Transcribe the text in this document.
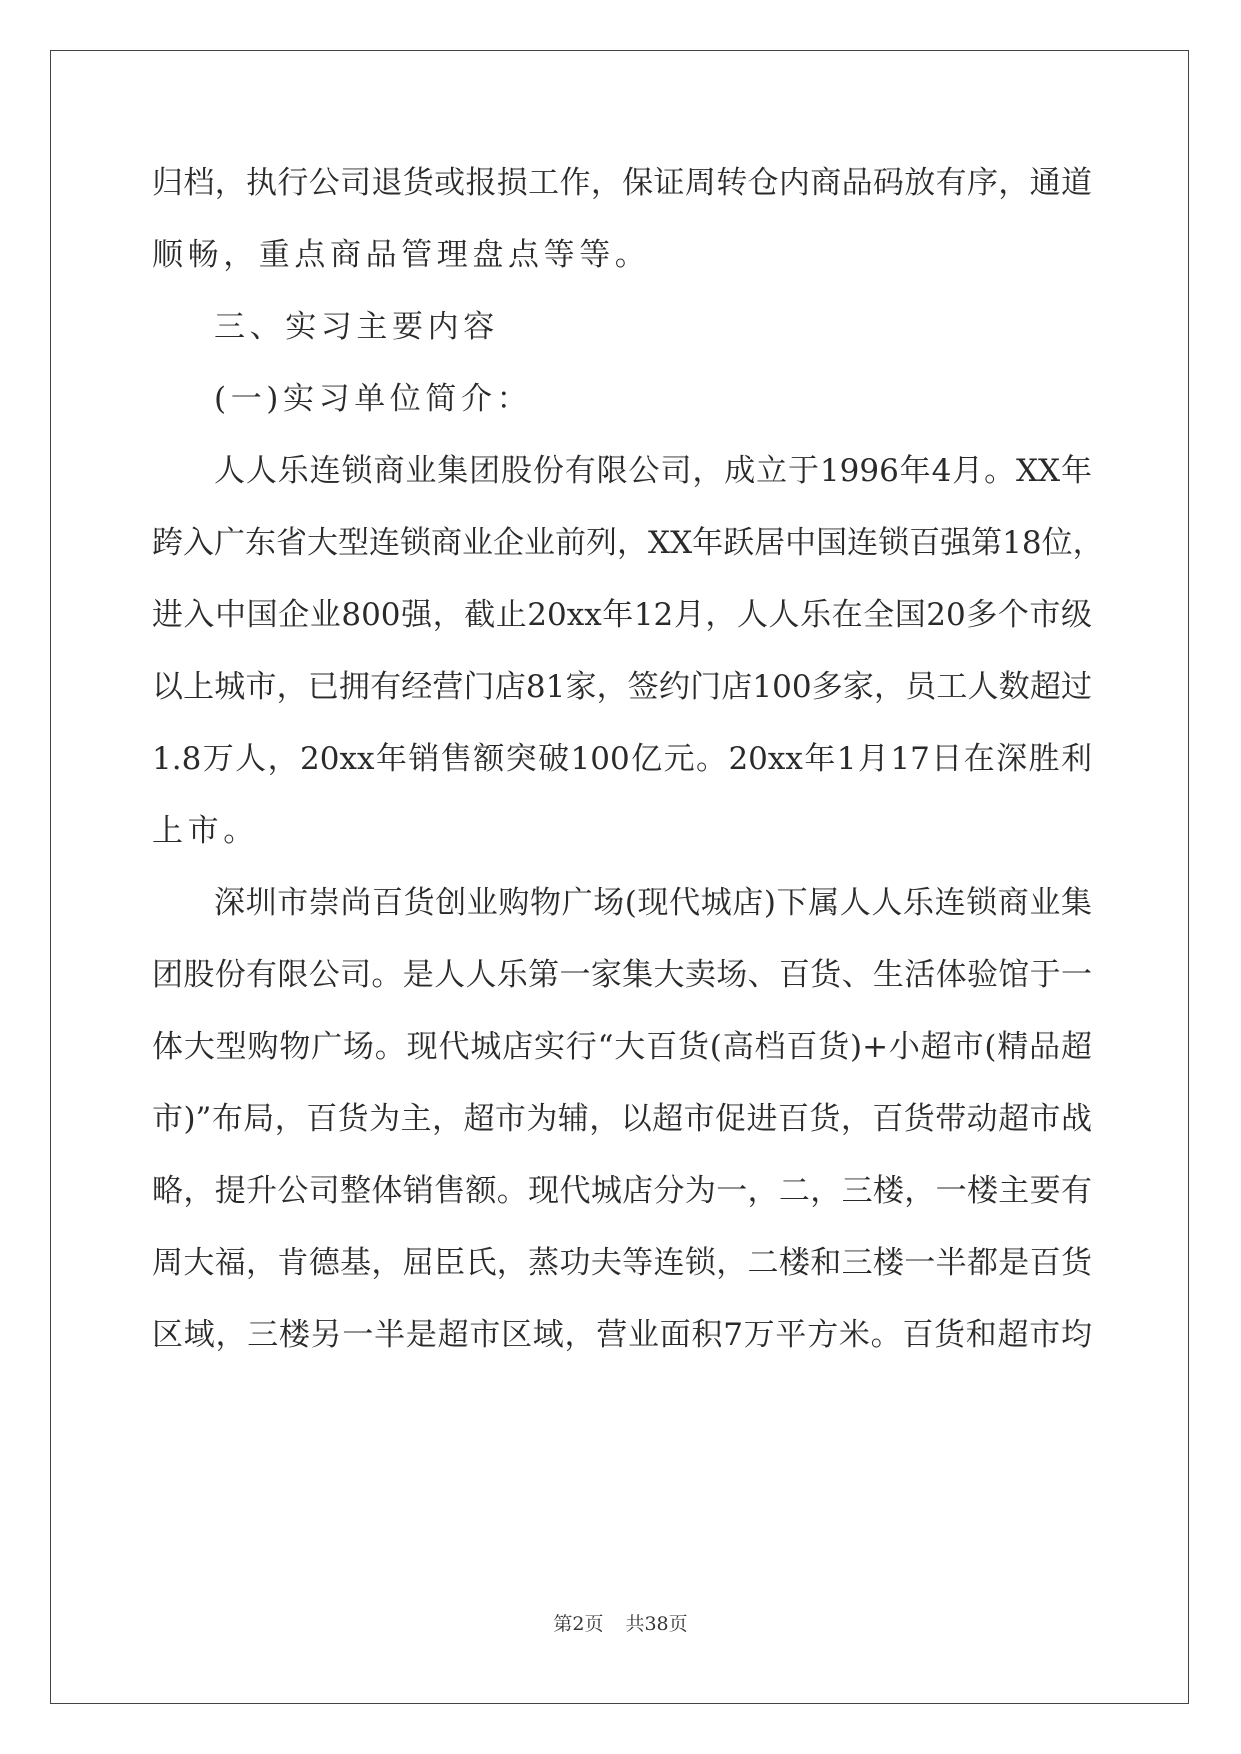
归档，执行公司退货或报损工作，保证周转仓内商品码放有序，通道
顺畅，重点商品管理盘点等等。
三、实习主要内容
(一)实习单位简介：
人人乐连锁商业集团股份有限公司，成立于1996年4月。XX年
跨入广东省大型连锁商业企业前列，XX年跃居中国连锁百强第18位，
进入中国企业800强，截止20xx年12月，人人乐在全国20多个市级
以上城市，已拥有经营门店81家，签约门店100多家，员工人数超过
1.8万人，20xx年销售额突破100亿元。20xx年1月17日在深胜利
上市。
深圳市崇尚百货创业购物广场(现代城店)下属人人乐连锁商业集
团股份有限公司。是人人乐第一家集大卖场、百货、生活体验馆于一
体大型购物广场。现代城店实行“大百货(高档百货)+小超市(精品超
市)”布局，百货为主，超市为辅，以超市促进百货，百货带动超市战
略，提升公司整体销售额。现代城店分为一，二，三楼，一楼主要有
周大福，肯德基，屈臣氏，蒸功夫等连锁，二楼和三楼一半都是百货
区域，三楼另一半是超市区域，营业面积7万平方米。百货和超市均
第2页 共38页
